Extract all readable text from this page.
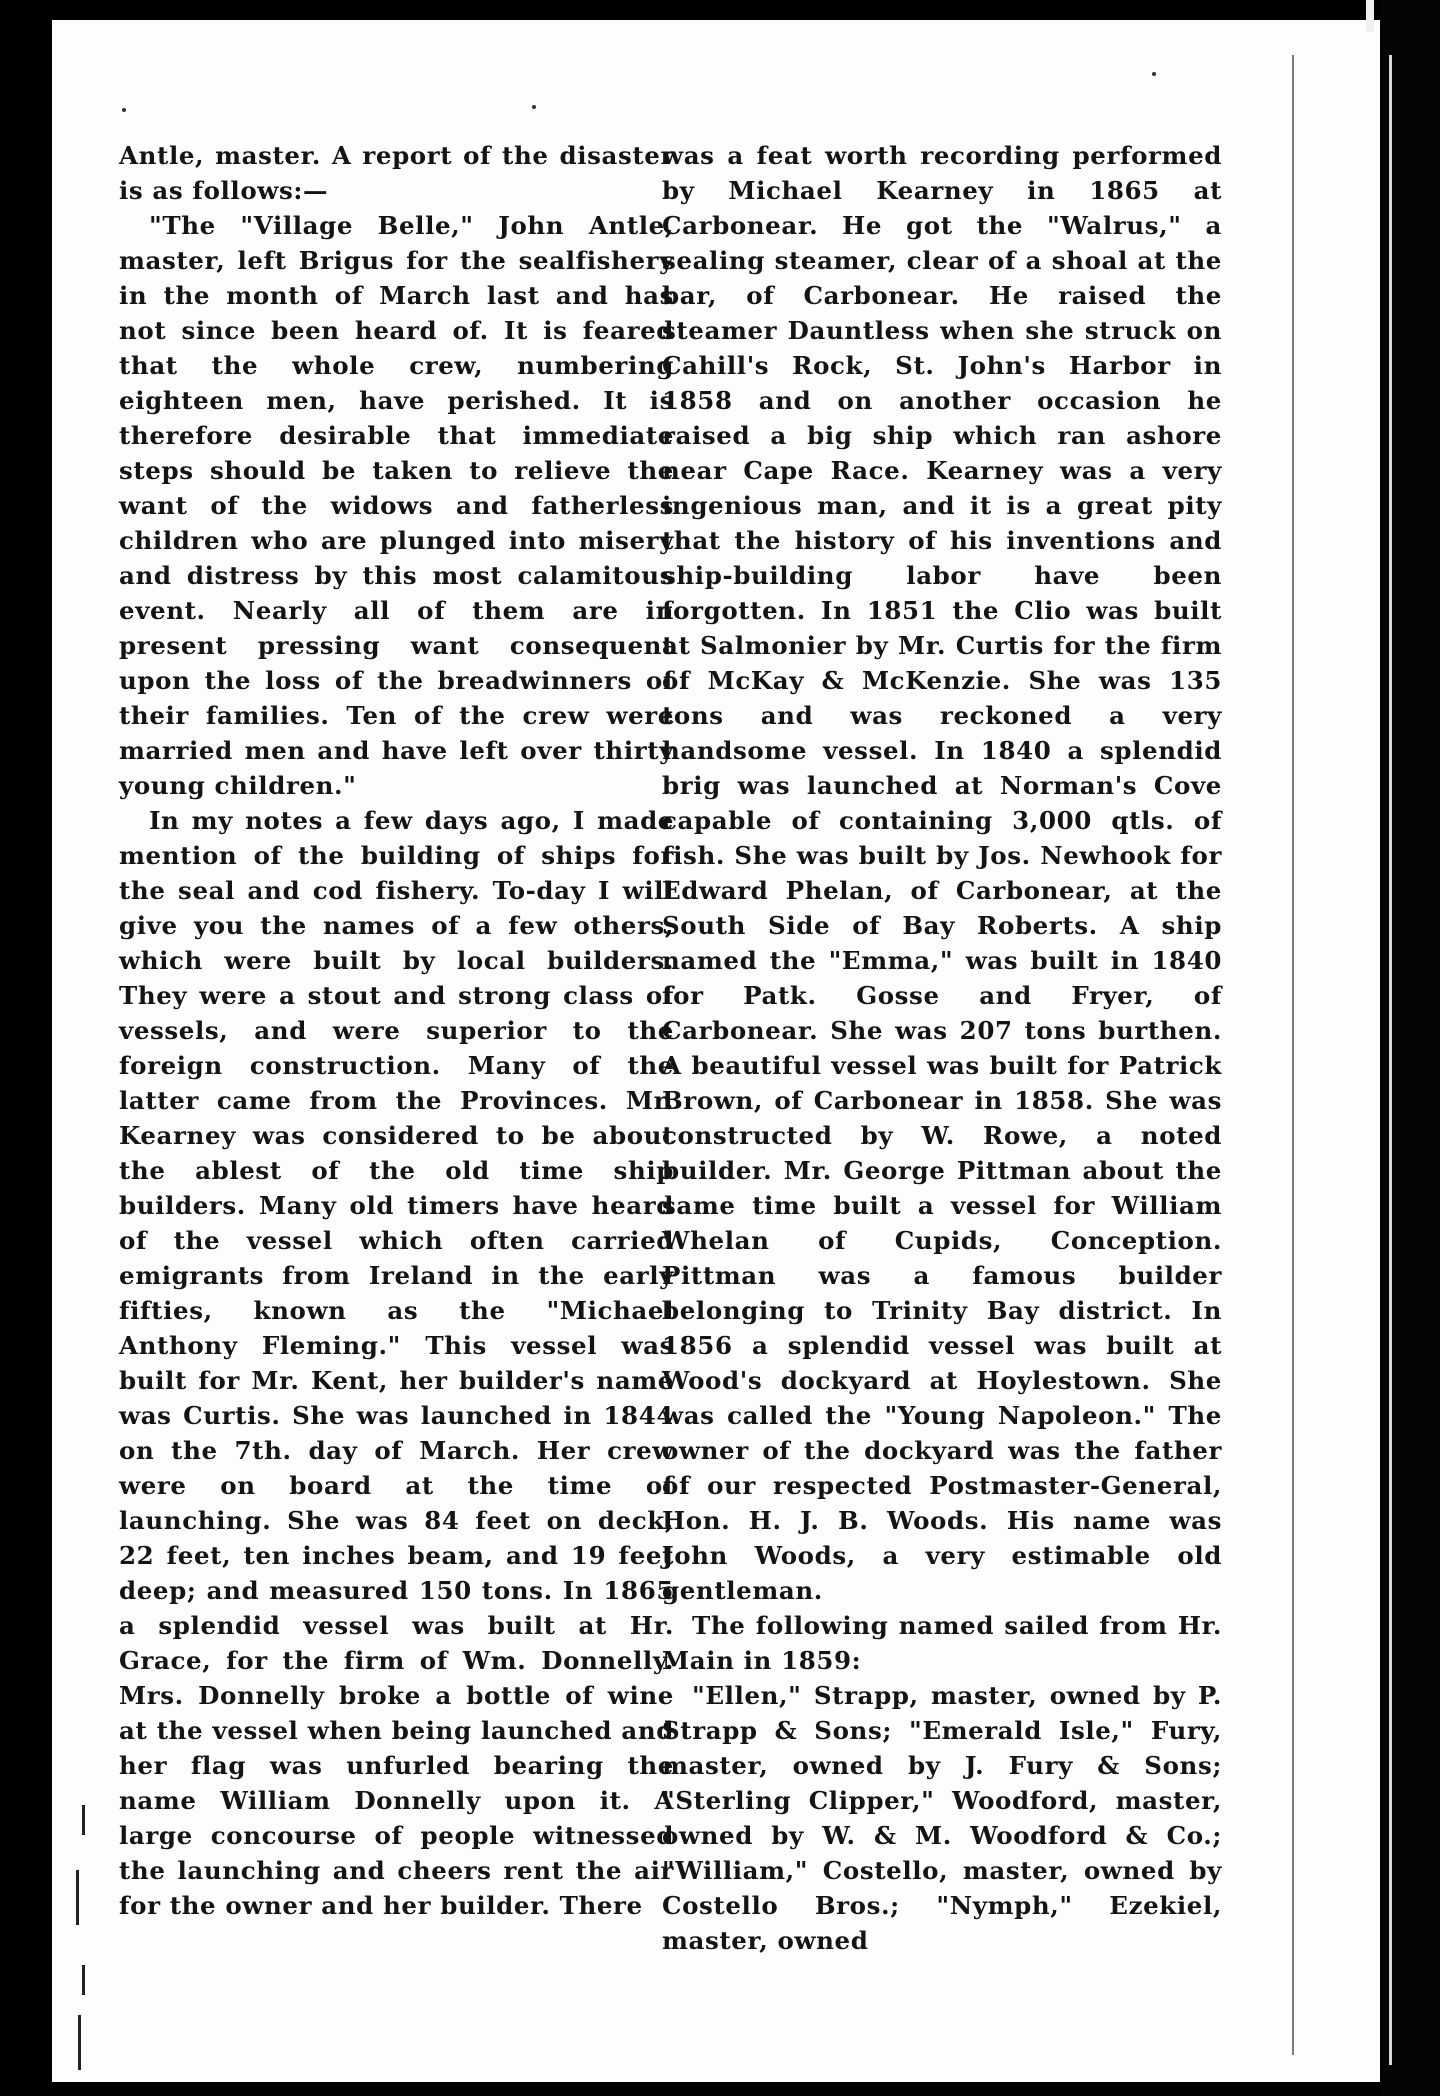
Antle, master. A report of the disaster is as follows:—

"The "Village Belle," John Antle, master, left Brigus for the sealfishery in the month of March last and has not since been heard of. It is feared that the whole crew, numbering eighteen men, have perished. It is therefore desirable that immediate steps should be taken to relieve the want of the widows and fatherless children who are plunged into misery and distress by this most calamitous event. Nearly all of them are in present pressing want consequent upon the loss of the breadwinners of their families. Ten of the crew were married men and have left over thirty young children."

In my notes a few days ago, I made mention of the building of ships for the seal and cod fishery. To-day I will give you the names of a few others, which were built by local builders. They were a stout and strong class of vessels, and were superior to the foreign construction. Many of the latter came from the Provinces. Mr. Kearney was considered to be about the ablest of the old time ship builders. Many old timers have heard of the vessel which often carried emigrants from Ireland in the early fifties, known as the "Michael Anthony Fleming." This vessel was built for Mr. Kent, her builder's name was Curtis. She was launched in 1844 on the 7th. day of March. Her crew were on board at the time of launching. She was 84 feet on deck, 22 feet, ten inches beam, and 19 feet deep; and measured 150 tons. In 1865 a splendid vessel was built at Hr. Grace, for the firm of Wm. Donnelly. Mrs. Donnelly broke a bottle of wine at the vessel when being launched and her flag was unfurled bearing the name William Donnelly upon it. A large concourse of people witnessed the launching and cheers rent the air for the owner and her builder. There

was a feat worth recording performed by Michael Kearney in 1865 at Carbonear. He got the "Walrus," a sealing steamer, clear of a shoal at the bar, of Carbonear. He raised the steamer Dauntless when she struck on Cahill's Rock, St. John's Harbor in 1858 and on another occasion he raised a big ship which ran ashore near Cape Race. Kearney was a very ingenious man, and it is a great pity that the history of his inventions and ship-building labor have been forgotten. In 1851 the Clio was built at Salmonier by Mr. Curtis for the firm of McKay & McKenzie. She was 135 tons and was reckoned a very handsome vessel. In 1840 a splendid brig was launched at Norman's Cove capable of containing 3,000 qtls. of fish. She was built by Jos. Newhook for Edward Phelan, of Carbonear, at the South Side of Bay Roberts. A ship named the "Emma," was built in 1840 for Patk. Gosse and Fryer, of Carbonear. She was 207 tons burthen. A beautiful vessel was built for Patrick Brown, of Carbonear in 1858. She was constructed by W. Rowe, a noted builder. Mr. George Pittman about the same time built a vessel for William Whelan of Cupids, Conception. Pittman was a famous builder belonging to Trinity Bay district. In 1856 a splendid vessel was built at Wood's dockyard at Hoylestown. She was called the "Young Napoleon." The owner of the dockyard was the father of our respected Postmaster-General, Hon. H. J. B. Woods. His name was John Woods, a very estimable old gentleman.

The following named sailed from Hr. Main in 1859:

"Ellen," Strapp, master, owned by P. Strapp & Sons; "Emerald Isle," Fury, master, owned by J. Fury & Sons; "Sterling Clipper," Woodford, master, owned by W. & M. Woodford & Co.; "William," Costello, master, owned by Costello Bros.; "Nymph," Ezekiel, master, owned
